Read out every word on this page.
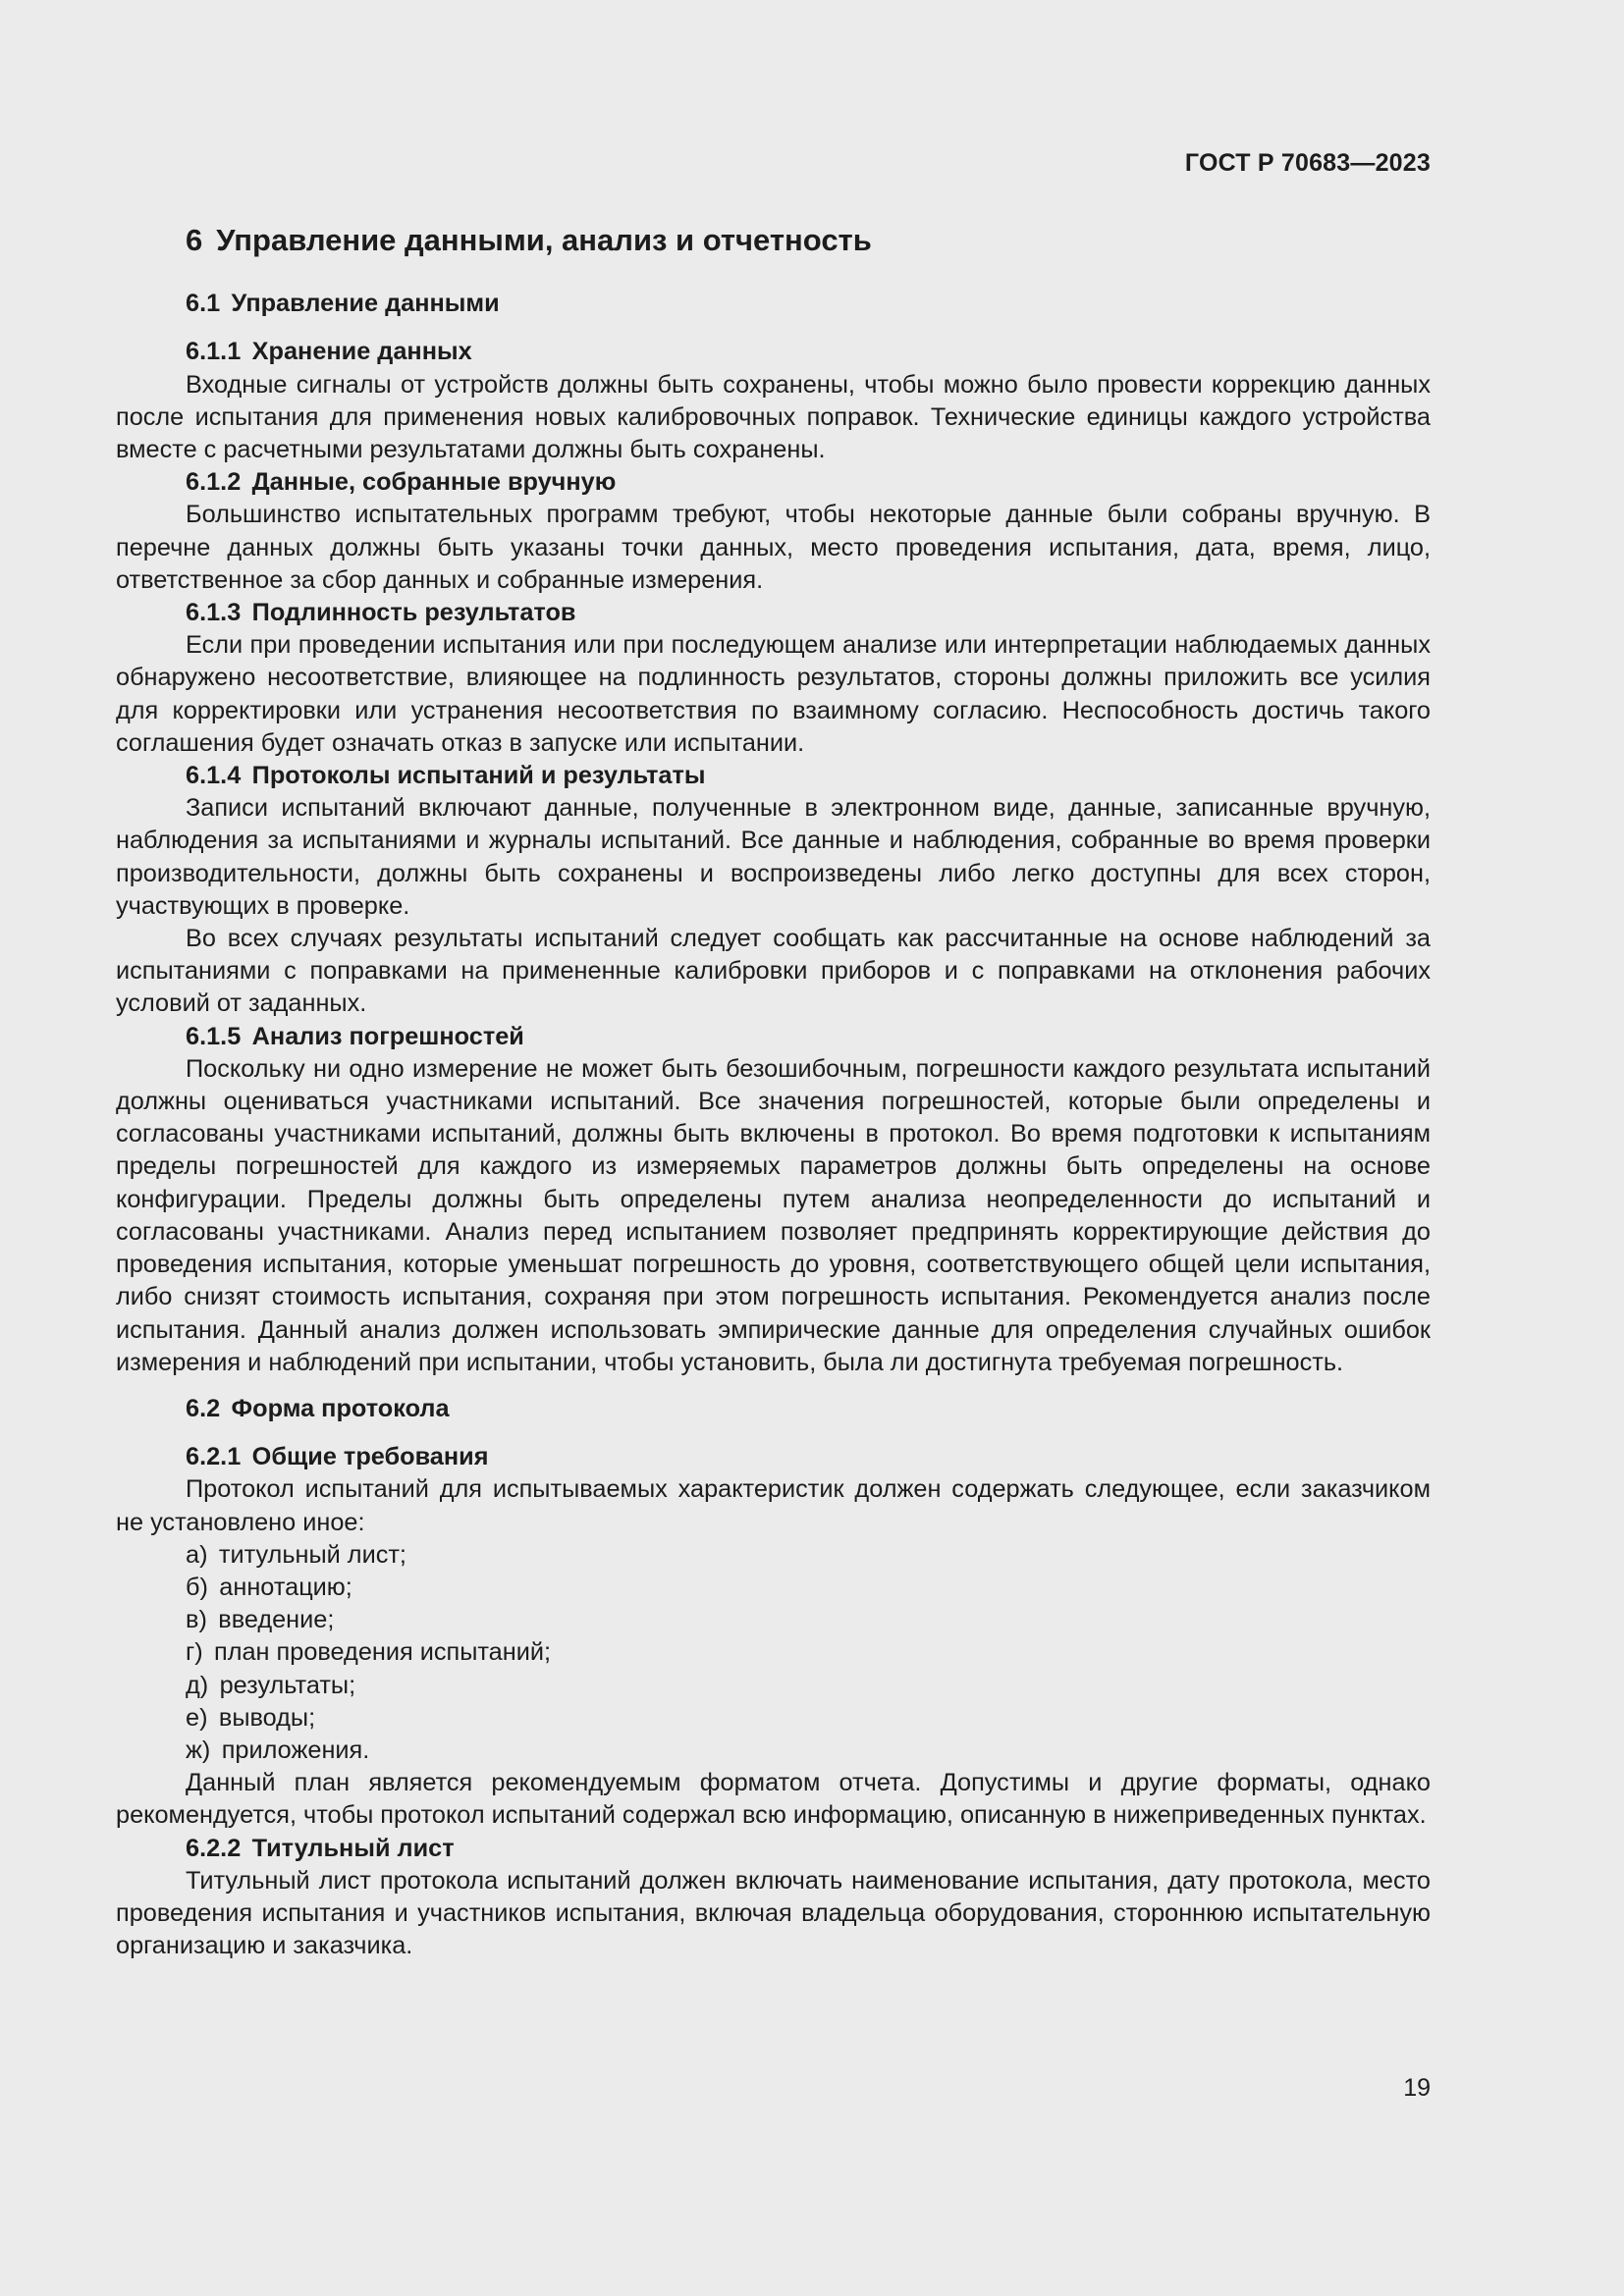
ГОСТ Р 70683—2023
6 Управление данными, анализ и отчетность
6.1 Управление данными
6.1.1 Хранение данных

Входные сигналы от устройств должны быть сохранены, чтобы можно было провести коррекцию данных после испытания для применения новых калибровочных поправок. Технические единицы каждого устройства вместе с расчетными результатами должны быть сохранены.

6.1.2 Данные, собранные вручную

Большинство испытательных программ требуют, чтобы некоторые данные были собраны вручную. В перечне данных должны быть указаны точки данных, место проведения испытания, дата, время, лицо, ответственное за сбор данных и собранные измерения.

6.1.3 Подлинность результатов

Если при проведении испытания или при последующем анализе или интерпретации наблюдаемых данных обнаружено несоответствие, влияющее на подлинность результатов, стороны должны приложить все усилия для корректировки или устранения несоответствия по взаимному согласию. Неспособность достичь такого соглашения будет означать отказ в запуске или испытании.

6.1.4 Протоколы испытаний и результаты

Записи испытаний включают данные, полученные в электронном виде, данные, записанные вручную, наблюдения за испытаниями и журналы испытаний. Все данные и наблюдения, собранные во время проверки производительности, должны быть сохранены и воспроизведены либо легко доступны для всех сторон, участвующих в проверке.

Во всех случаях результаты испытаний следует сообщать как рассчитанные на основе наблюдений за испытаниями с поправками на примененные калибровки приборов и с поправками на отклонения рабочих условий от заданных.

6.1.5 Анализ погрешностей

Поскольку ни одно измерение не может быть безошибочным, погрешности каждого результата испытаний должны оцениваться участниками испытаний. Все значения погрешностей, которые были определены и согласованы участниками испытаний, должны быть включены в протокол. Во время подготовки к испытаниям пределы погрешностей для каждого из измеряемых параметров должны быть определены на основе конфигурации. Пределы должны быть определены путем анализа неопределенности до испытаний и согласованы участниками. Анализ перед испытанием позволяет предпринять корректирующие действия до проведения испытания, которые уменьшат погрешность до уровня, соответствующего общей цели испытания, либо снизят стоимость испытания, сохраняя при этом погрешность испытания. Рекомендуется анализ после испытания. Данный анализ должен использовать эмпирические данные для определения случайных ошибок измерения и наблюдений при испытании, чтобы установить, была ли достигнута требуемая погрешность.

6.2 Форма протокола
6.2.1 Общие требования

Протокол испытаний для испытываемых характеристик должен содержать следующее, если заказчиком не установлено иное:

а) титульный лист;
б) аннотацию;
в) введение;
г) план проведения испытаний;
д) результаты;
е) выводы;
ж) приложения.

Данный план является рекомендуемым форматом отчета. Допустимы и другие форматы, однако рекомендуется, чтобы протокол испытаний содержал всю информацию, описанную в нижеприведенных пунктах.

6.2.2 Титульный лист

Титульный лист протокола испытаний должен включать наименование испытания, дату протокола, место проведения испытания и участников испытания, включая владельца оборудования, стороннюю испытательную организацию и заказчика.

19
